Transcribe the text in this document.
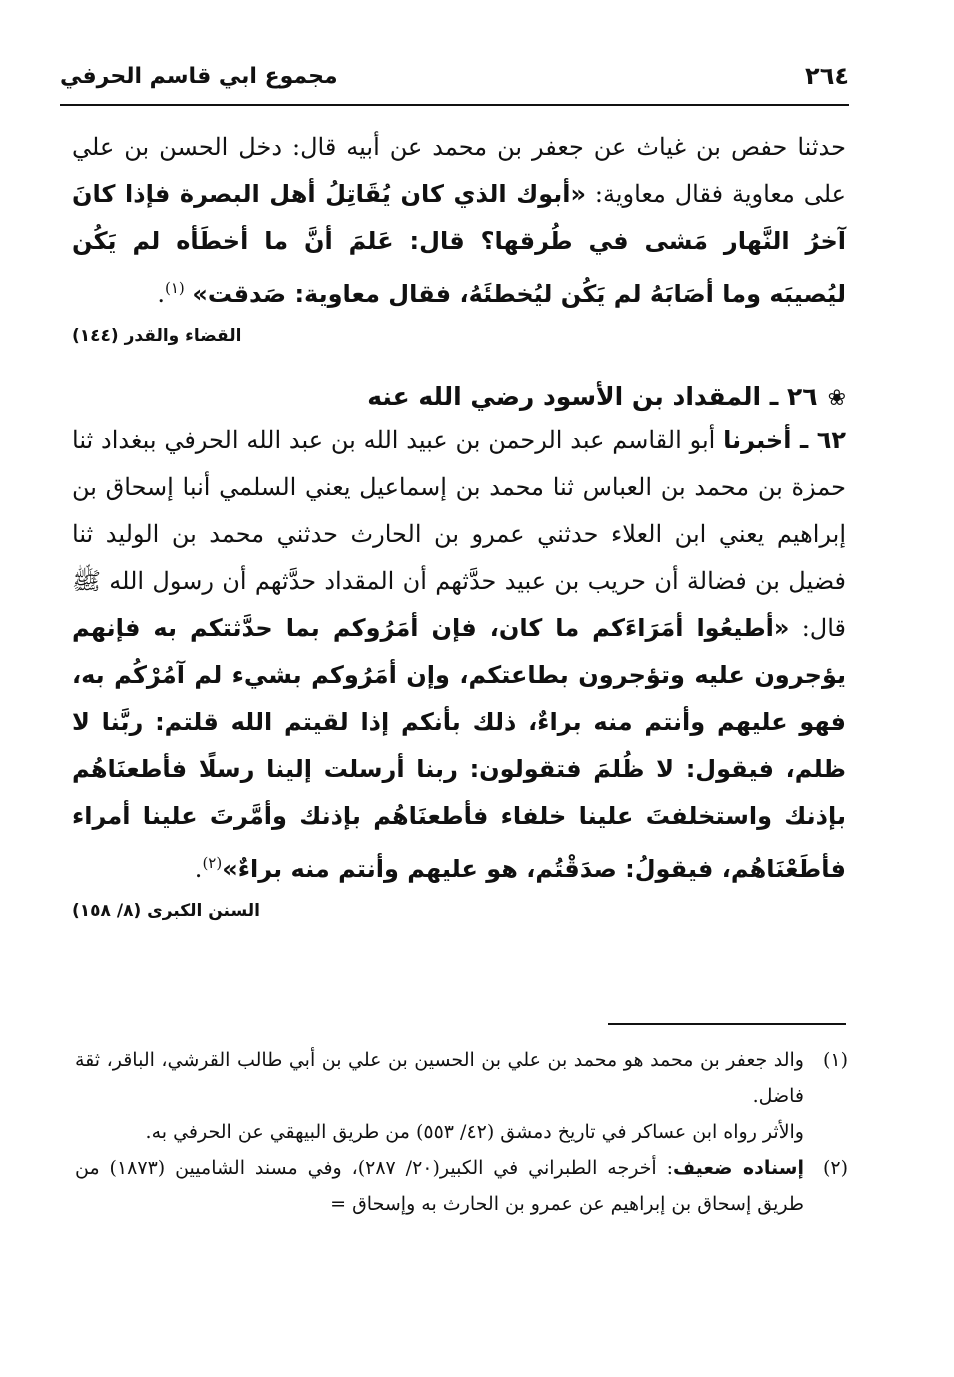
٢٦٤
مجموع ابي قاسم الحرفي

حدثنا حفص بن غياث عن جعفر بن محمد عن أبيه قال: دخل الحسن بن علي على معاوية فقال معاوية: «أبوك الذي كان يُقَاتِلُ أهل البصرة فإذا كانَ آخرُ النَّهار مَشى في طُرقها؟ قال: عَلمَ أنَّ ما أخطَأه لم يَكُن ليُصيبَه وما أصَابَهُ لم يَكُن ليُخطئَهُ، فقال معاوية: صَدقت» $^{(١)}$.

القضاء والقدر (١٤٤)

❀٢٦ ـ المقداد بن الأسود رضي الله عنه

٦٢ ـ أخبرنا أبو القاسم عبد الرحمن بن عبيد الله بن عبد الله الحرفي ببغداد ثنا حمزة بن محمد بن العباس ثنا محمد بن إسماعيل يعني السلمي أنبا إسحاق بن إبراهيم يعني ابن العلاء حدثني عمرو بن الحارث حدثني محمد بن الوليد ثنا فضيل بن فضالة أن حريب بن عبيد حدَّثهم أن المقداد حدَّثهم أن رسول الله ﷺ قال: «أطيعُوا أمَرَاءَكم ما كان، فإن أمَرُوكم بما حدَّثتكم به فإنهم يؤجرون عليه وتؤجرون بطاعتكم، وإن أمَرُوكم بشيء لم آمُرْكُم به، فهو عليهم وأنتم منه براءٌ، ذلك بأنكم إذا لقيتم الله قلتم: ربَّنا لا ظلم، فيقول: لا ظُلمَ فتقولون: ربنا أرسلت إلينا رسلًا فأطعنَاهُم بإذنك واستخلفتَ علينا خلفاء فأطعنَاهُم بإذنك وأمَّرتَ علينا أمراء فأطَعْنَاهُم، فيقولُ: صدَقْتُم، هو عليهم وأنتم منه براءٌ»$^{(٢)}$.

السنن الكبرى (٨/ ١٥٨)

(١)
والد جعفر بن محمد هو محمد بن علي بن الحسين بن علي بن أبي طالب القرشي، الباقر، ثقة فاضل.
والأثر رواه ابن عساكر في تاريخ دمشق (٤٢/ ٥٥٣) من طريق البيهقي عن الحرفي به.
(٢)
إسناده ضعيف: أخرجه الطبراني في الكبير(٢٠/ ٢٨٧)، وفي مسند الشاميين (١٨٧٣) من طريق إسحاق بن إبراهيم عن عمرو بن الحارث به وإسحاق =
